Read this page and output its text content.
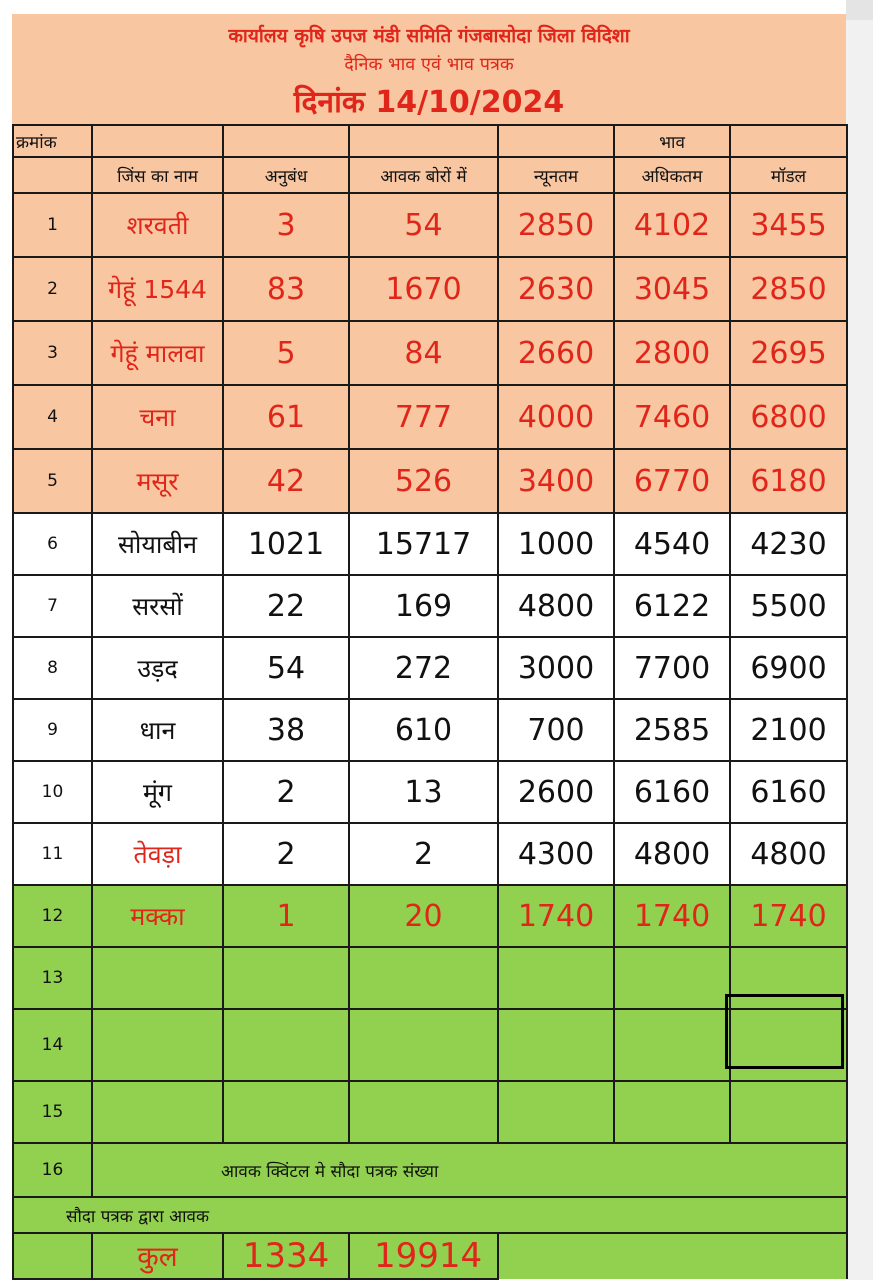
कार्यालय कृषि उपज मंडी समिति गंजबासोदा जिला विदिशा
दैनिक भाव एवं भाव पत्रक
दिनांक 14/10/2024
क्रमांक					भाव	
	जिंस का नाम	अनुबंध	आवक बोरों में	न्यूनतम	अधिकतम	मॉडल
1	शरवती	3	54	2850	4102	3455
2	गेहूं 1544	83	1670	2630	3045	2850
3	गेहूं मालवा	5	84	2660	2800	2695
4	चना	61	777	4000	7460	6800
5	मसूर	42	526	3400	6770	6180
6	सोयाबीन	1021	15717	1000	4540	4230
7	सरसों	22	169	4800	6122	5500
8	उड़द	54	272	3000	7700	6900
9	धान	38	610	700	2585	2100
10	मूंग	2	13	2600	6160	6160
11	तेवड़ा	2	2	4300	4800	4800
12	मक्का	1	20	1740	1740	1740
13						
14						
15						
16	आवक क्विंटल मे सौदा पत्रक संख्या					
सौदा पत्रक द्वारा आवक						
	कुल	1334	19914			
